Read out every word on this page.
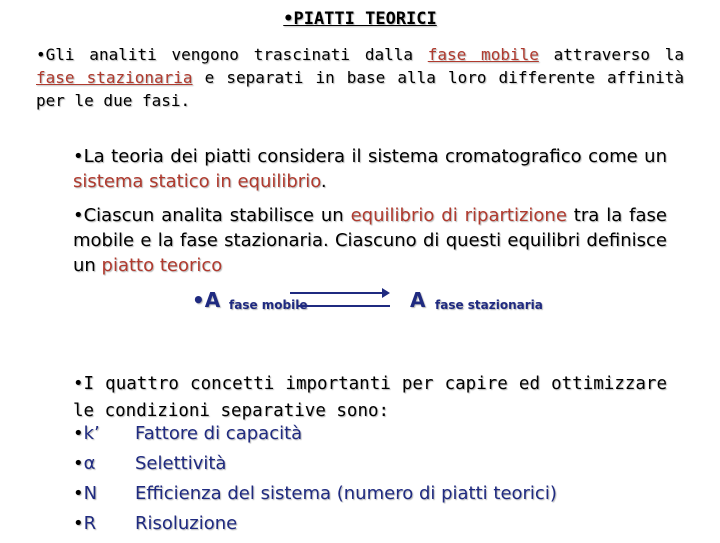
•PIATTI TEORICI
•Gli analiti vengono trascinati dalla fase mobile attraverso la fase stazionaria e separati in base alla loro differente affinità per le due fasi.
•La teoria dei piatti considera il sistema cromatografico come un sistema statico in equilibrio.
•Ciascun analita stabilisce un equilibrio di ripartizione tra la fase mobile e la fase stazionaria. Ciascuno di questi equilibri definisce un piatto teorico
•A fase mobile	A fase stazionaria
•I quattro concetti importanti per capire ed ottimizzare le condizioni separative sono:
•k’ Fattore di capacità
•α Selettività
•N Efficienza del sistema (numero di piatti teorici)
•R Risoluzione
